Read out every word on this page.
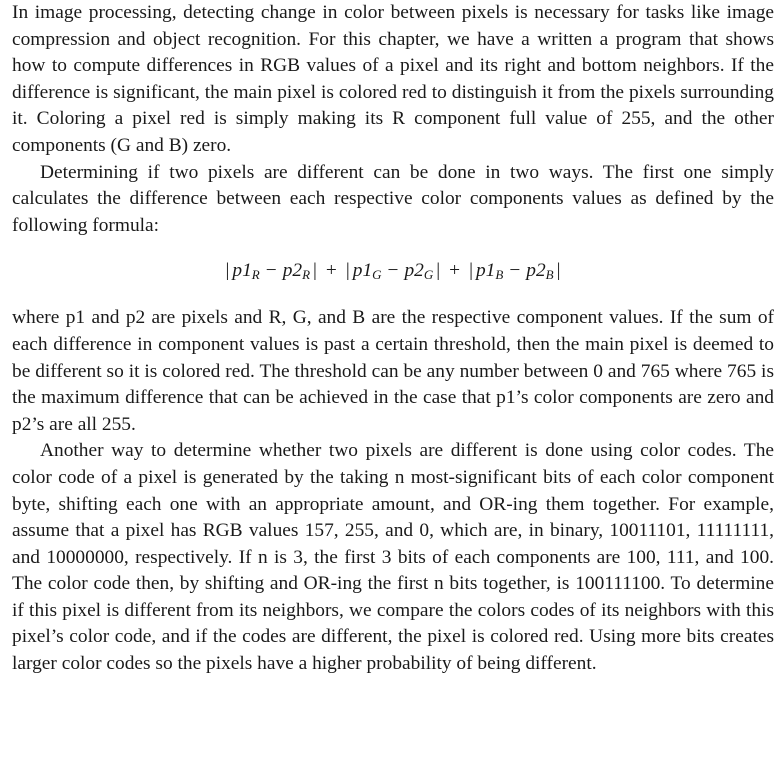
In image processing, detecting change in color between pixels is necessary for tasks like image compression and object recognition. For this chapter, we have a written a program that shows how to compute differences in RGB values of a pixel and its right and bottom neighbors. If the difference is significant, the main pixel is colored red to distinguish it from the pixels surrounding it. Coloring a pixel red is simply making its R component full value of 255, and the other components (G and B) zero.

Determining if two pixels are different can be done in two ways. The first one simply calculates the difference between each respective color components values as defined by the following formula:

| $p1_R - p2_R$ | + | $p1_G - p2_G$ | + | $p1_B - p2_B$ |

where p1 and p2 are pixels and R, G, and B are the respective component values. If the sum of each difference in component values is past a certain threshold, then the main pixel is deemed to be different so it is colored red. The threshold can be any number between 0 and 765 where 765 is the maximum difference that can be achieved in the case that p1’s color components are zero and p2’s are all 255.

Another way to determine whether two pixels are different is done using color codes. The color code of a pixel is generated by the taking n most-significant bits of each color component byte, shifting each one with an appropriate amount, and OR-ing them together. For example, assume that a pixel has RGB values 157, 255, and 0, which are, in binary, 10011101, 11111111, and 10000000, respectively. If n is 3, the first 3 bits of each components are 100, 111, and 100. The color code then, by shifting and OR-ing the first n bits together, is 100111100. To determine if this pixel is different from its neighbors, we compare the colors codes of its neighbors with this pixel’s color code, and if the codes are different, the pixel is colored red. Using more bits creates larger color codes so the pixels have a higher probability of being different.
